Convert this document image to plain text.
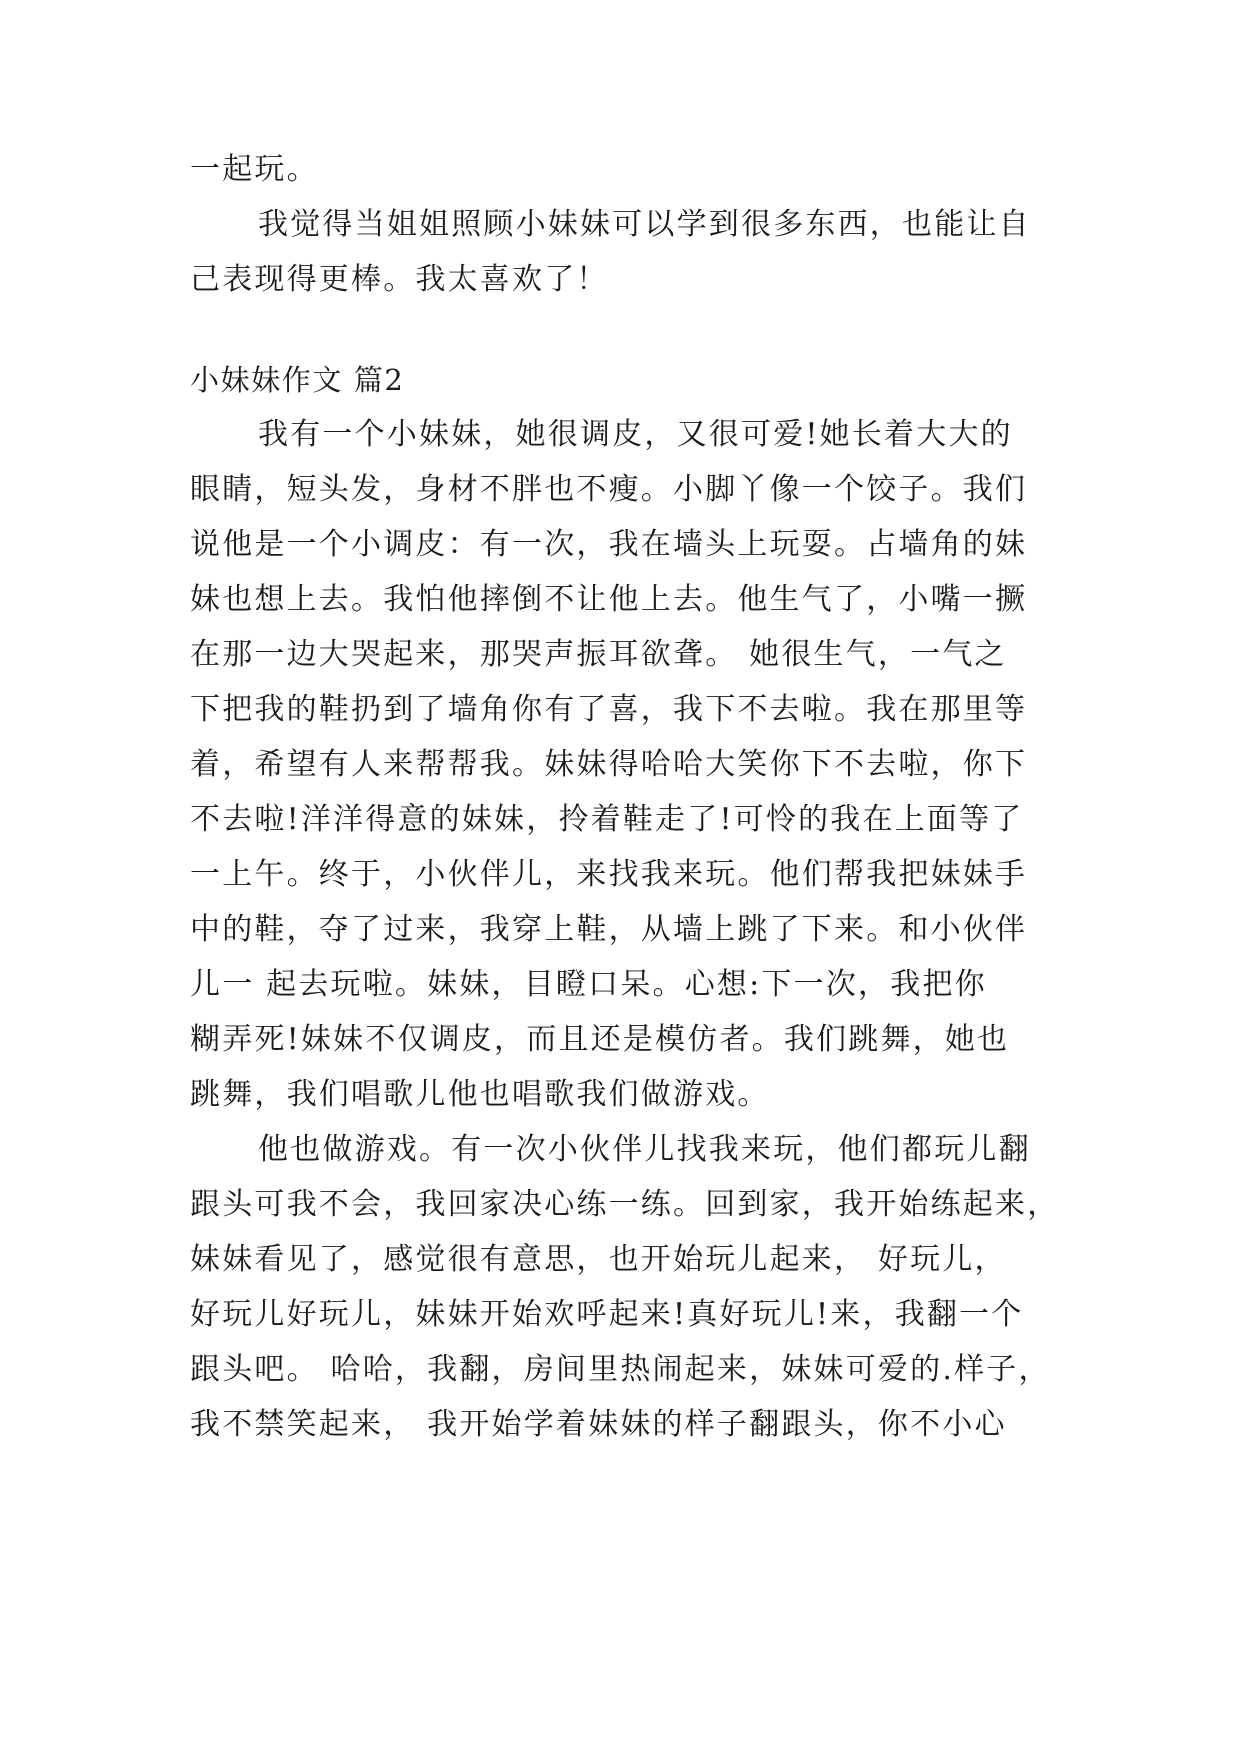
一起玩。
我觉得当姐姐照顾小妹妹可以学到很多东西，也能让自
己表现得更棒。我太喜欢了！
小妹妹作文 篇2
我有一个小妹妹，她很调皮，又很可爱!她长着大大的
眼睛，短头发，身材不胖也不瘦。小脚丫像一个饺子。我们
说他是一个小调皮：有一次，我在墙头上玩耍。占墙角的妹
妹也想上去。我怕他摔倒不让他上去。他生气了，小嘴一撅
在那一边大哭起来，那哭声振耳欲聋。 她很生气，一气之
下把我的鞋扔到了墙角你有了喜，我下不去啦。我在那里等
着，希望有人来帮帮我。妹妹得哈哈大笑你下不去啦，你下
不去啦!洋洋得意的妹妹，拎着鞋走了!可怜的我在上面等了
一上午。终于，小伙伴儿，来找我来玩。他们帮我把妹妹手
中的鞋，夺了过来，我穿上鞋，从墙上跳了下来。和小伙伴
儿一 起去玩啦。妹妹，目瞪口呆。心想:下一次，我把你
糊弄死!妹妹不仅调皮，而且还是模仿者。我们跳舞，她也
跳舞，我们唱歌儿他也唱歌我们做游戏。
他也做游戏。有一次小伙伴儿找我来玩，他们都玩儿翻
跟头可我不会，我回家决心练一练。回到家，我开始练起来，
妹妹看见了，感觉很有意思，也开始玩儿起来， 好玩儿，
好玩儿好玩儿，妹妹开始欢呼起来!真好玩儿!来，我翻一个
跟头吧。 哈哈，我翻，房间里热闹起来，妹妹可爱的.样子，
我不禁笑起来， 我开始学着妹妹的样子翻跟头，你不小心
